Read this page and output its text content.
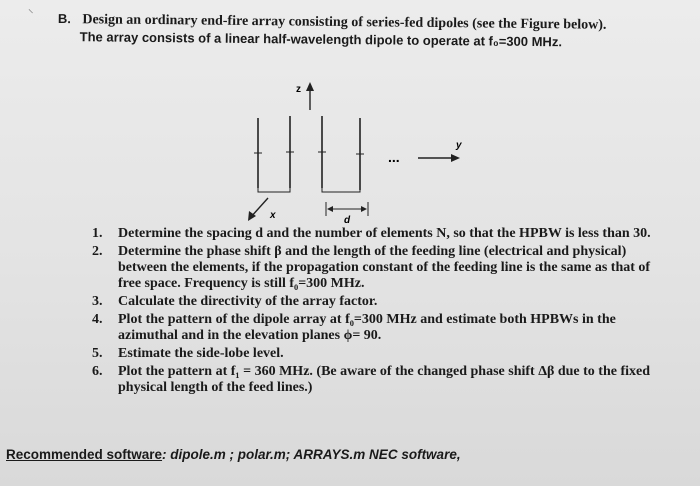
⸌ B. Design an ordinary end-fire array consisting of series-fed dipoles (see the Figure below).
The array consists of a linear half-wavelength dipole to operate at f₀=300 MHz.
z
...
y
x	d
1. Determine the spacing d and the number of elements N, so that the HPBW is less than 30.
2. Determine the phase shift β and the length of the feeding line (electrical and physical) between the elements, if the propagation constant of the feeding line is the same as that of free space. Frequency is still f₀=300 MHz.
3. Calculate the directivity of the array factor.
4. Plot the pattern of the dipole array at f₀=300 MHz and estimate both HPBWs in the azimuthal and in the elevation planes ϕ= 90.
5. Estimate the side-lobe level.
6. Plot the pattern at f₁ = 360 MHz. (Be aware of the changed phase shift Δβ due to the fixed physical length of the feed lines.)
Recommended software: dipole.m ; polar.m; ARRAYS.m NEC software,
